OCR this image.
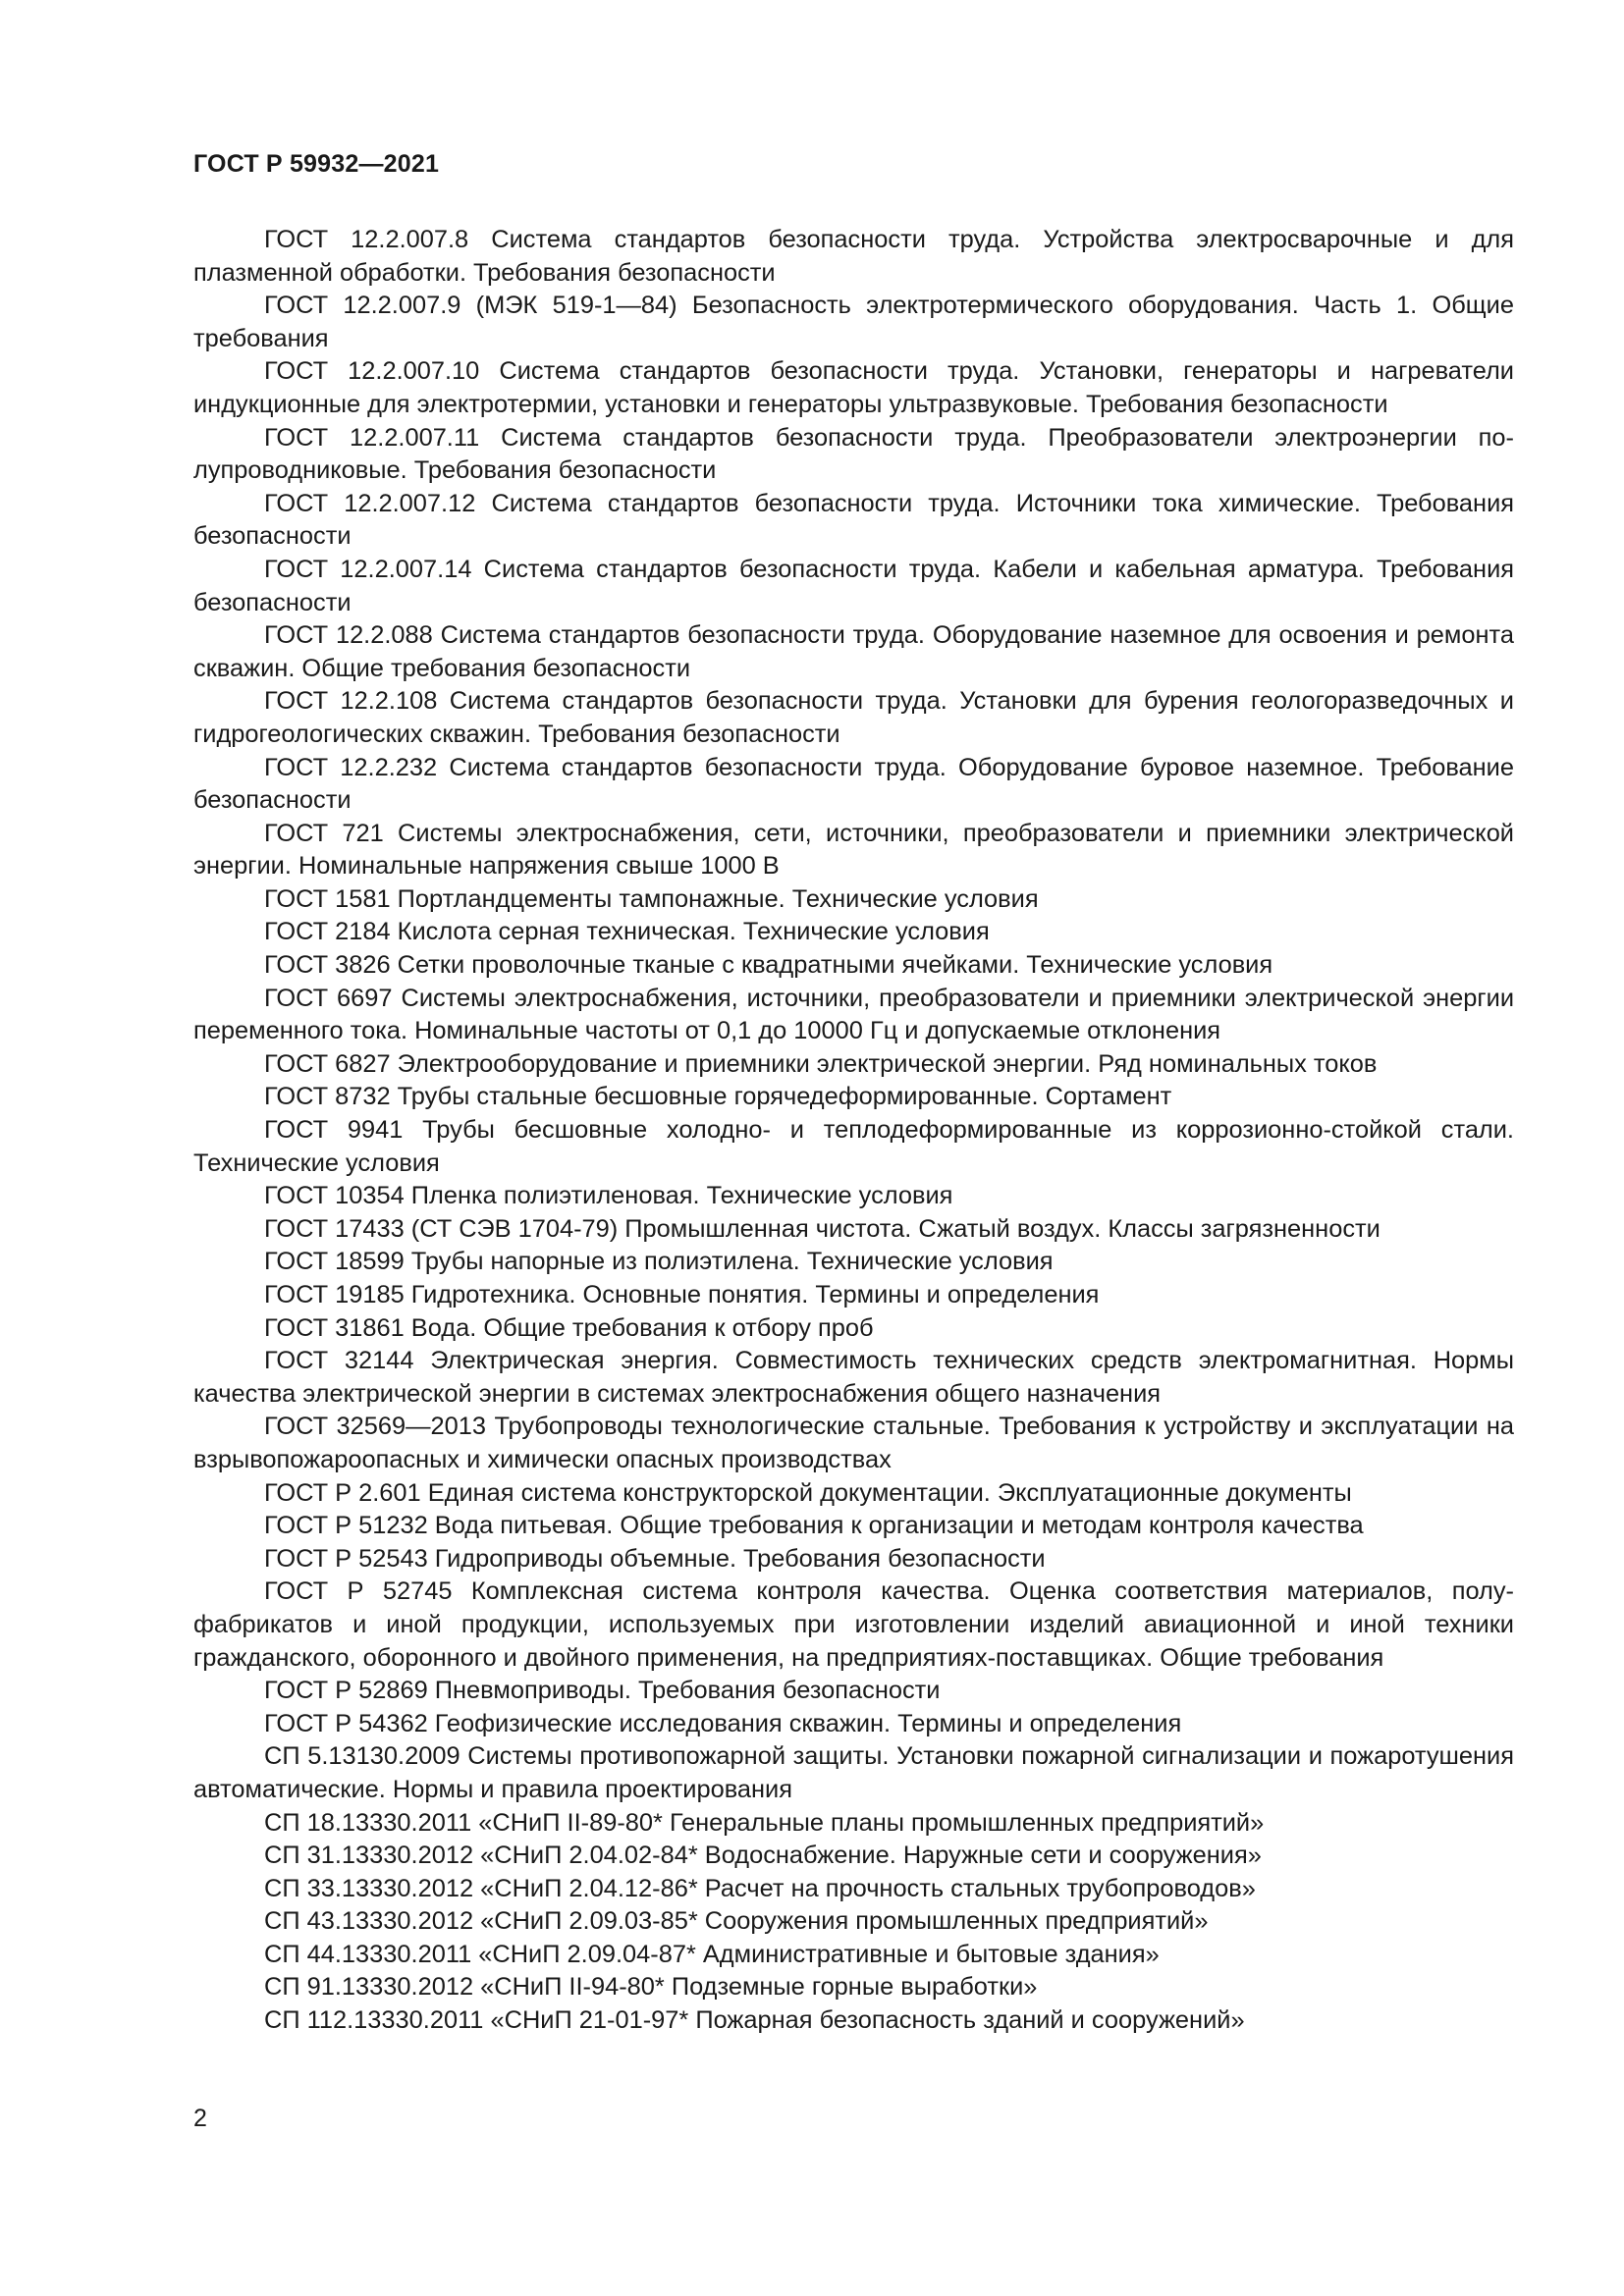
ГОСТ Р 59932—2021

ГОСТ 12.2.007.8 Система стандартов безопасности труда. Устройства электросварочные и для плазменной обработки. Требования безопасности

ГОСТ 12.2.007.9 (МЭК 519-1—84) Безопасность электротермического оборудования. Часть 1. Общие требования

ГОСТ 12.2.007.10 Система стандартов безопасности труда. Установки, генераторы и нагреватели индукционные для электротермии, установки и генераторы ультразвуковые. Требования безопасности

ГОСТ 12.2.007.11 Система стандартов безопасности труда. Преобразователи электроэнергии полупроводниковые. Требования безопасности

ГОСТ 12.2.007.12 Система стандартов безопасности труда. Источники тока химические. Требования безопасности

ГОСТ 12.2.007.14 Система стандартов безопасности труда. Кабели и кабельная арматура. Требования безопасности

ГОСТ 12.2.088 Система стандартов безопасности труда. Оборудование наземное для освоения и ремонта скважин. Общие требования безопасности

ГОСТ 12.2.108 Система стандартов безопасности труда. Установки для бурения геологоразведочных и гидрогеологических скважин. Требования безопасности

ГОСТ 12.2.232 Система стандартов безопасности труда. Оборудование буровое наземное. Требование безопасности

ГОСТ 721 Системы электроснабжения, сети, источники, преобразователи и приемники электрической энергии. Номинальные напряжения свыше 1000 В

ГОСТ 1581 Портландцементы тампонажные. Технические условия

ГОСТ 2184 Кислота серная техническая. Технические условия

ГОСТ 3826 Сетки проволочные тканые с квадратными ячейками. Технические условия

ГОСТ 6697 Системы электроснабжения, источники, преобразователи и приемники электрической энергии переменного тока. Номинальные частоты от 0,1 до 10000 Гц и допускаемые отклонения

ГОСТ 6827 Электрооборудование и приемники электрической энергии. Ряд номинальных токов

ГОСТ 8732 Трубы стальные бесшовные горячедеформированные. Сортамент

ГОСТ 9941 Трубы бесшовные холодно- и теплодеформированные из коррозионно-стойкой стали. Технические условия

ГОСТ 10354 Пленка полиэтиленовая. Технические условия

ГОСТ 17433 (СТ СЭВ 1704-79) Промышленная чистота. Сжатый воздух. Классы загрязненности

ГОСТ 18599 Трубы напорные из полиэтилена. Технические условия

ГОСТ 19185 Гидротехника. Основные понятия. Термины и определения

ГОСТ 31861 Вода. Общие требования к отбору проб

ГОСТ 32144 Электрическая энергия. Совместимость технических средств электромагнитная. Нормы качества электрической энергии в системах электроснабжения общего назначения

ГОСТ 32569—2013 Трубопроводы технологические стальные. Требования к устройству и эксплуатации на взрывопожароопасных и химически опасных производствах

ГОСТ Р 2.601 Единая система конструкторской документации. Эксплуатационные документы

ГОСТ Р 51232 Вода питьевая. Общие требования к организации и методам контроля качества

ГОСТ Р 52543 Гидроприводы объемные. Требования безопасности

ГОСТ Р 52745 Комплексная система контроля качества. Оценка соответствия материалов, полуфабрикатов и иной продукции, используемых при изготовлении изделий авиационной и иной техники гражданского, оборонного и двойного применения, на предприятиях-поставщиках. Общие требования

ГОСТ Р 52869 Пневмоприводы. Требования безопасности

ГОСТ Р 54362 Геофизические исследования скважин. Термины и определения

СП 5.13130.2009 Системы противопожарной защиты. Установки пожарной сигнализации и пожаротушения автоматические. Нормы и правила проектирования

СП 18.13330.2011 «СНиП II-89-80* Генеральные планы промышленных предприятий»

СП 31.13330.2012 «СНиП 2.04.02-84* Водоснабжение. Наружные сети и сооружения»

СП 33.13330.2012 «СНиП 2.04.12-86* Расчет на прочность стальных трубопроводов»

СП 43.13330.2012 «СНиП 2.09.03-85* Сооружения промышленных предприятий»

СП 44.13330.2011 «СНиП 2.09.04-87* Административные и бытовые здания»

СП 91.13330.2012 «СНиП II-94-80* Подземные горные выработки»

СП 112.13330.2011 «СНиП 21-01-97* Пожарная безопасность зданий и сооружений»

2
